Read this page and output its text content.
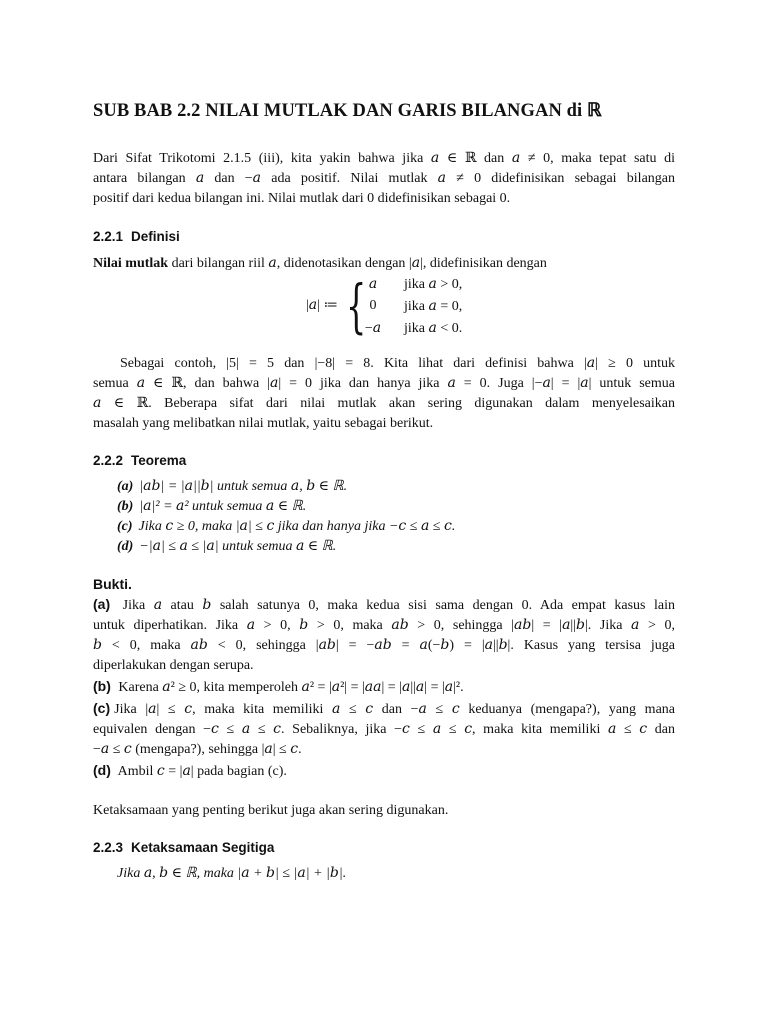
SUB BAB 2.2 NILAI MUTLAK DAN GARIS BILANGAN di ℝ

Dari Sifat Trikotomi 2.1.5 (iii), kita yakin bahwa jika 𝑎 ∈ ℝ dan 𝑎 ≠ 0, maka tepat satu di

antara bilangan 𝑎 dan −𝑎 ada positif. Nilai mutlak 𝑎 ≠ 0 didefinisikan sebagai bilangan

positif dari kedua bilangan ini. Nilai mutlak dari 0 didefinisikan sebagai 0.

2.2.1 Definisi

Nilai mutlak dari bilangan riil 𝑎, didenotasikan dengan |𝑎|, didefinisikan dengan

|𝑎| ≔ { 𝑎	jika 𝑎 > 0,
0	jika 𝑎 = 0,
−𝑎	jika 𝑎 < 0.

Sebagai contoh, |5| = 5 dan |−8| = 8. Kita lihat dari definisi bahwa |𝑎| ≥ 0 untuk

semua 𝑎 ∈ ℝ, dan bahwa |𝑎| = 0 jika dan hanya jika 𝑎 = 0. Juga |−𝑎| = |𝑎| untuk semua

𝑎 ∈ ℝ. Beberapa sifat dari nilai mutlak akan sering digunakan dalam menyelesaikan

masalah yang melibatkan nilai mutlak, yaitu sebagai berikut.

2.2.2 Teorema
(a) |𝑎𝑏| = |𝑎||𝑏| untuk semua 𝑎, 𝑏 ∈ ℝ.
(b) |𝑎|² = 𝑎² untuk semua 𝑎 ∈ ℝ.
(c) Jika 𝑐 ≥ 0, maka |𝑎| ≤ 𝑐 jika dan hanya jika −𝑐 ≤ 𝑎 ≤ 𝑐.
(d) −|𝑎| ≤ 𝑎 ≤ |𝑎| untuk semua 𝑎 ∈ ℝ.
Bukti.

(a) Jika 𝑎 atau 𝑏 salah satunya 0, maka kedua sisi sama dengan 0. Ada empat kasus lain

untuk diperhatikan. Jika 𝑎 > 0, 𝑏 > 0, maka 𝑎𝑏 > 0, sehingga |𝑎𝑏| = |𝑎||𝑏|. Jika 𝑎 > 0,

𝑏 < 0, maka 𝑎𝑏 < 0, sehingga |𝑎𝑏| = −𝑎𝑏 = 𝑎(−𝑏) = |𝑎||𝑏|. Kasus yang tersisa juga

diperlakukan dengan serupa.

(b) Karena 𝑎² ≥ 0, kita memperoleh 𝑎² = |𝑎²| = |𝑎𝑎| = |𝑎||𝑎| = |𝑎|².

(c) Jika |𝑎| ≤ 𝑐, maka kita memiliki 𝑎 ≤ 𝑐 dan −𝑎 ≤ 𝑐 keduanya (mengapa?), yang mana

equivalen dengan −𝑐 ≤ 𝑎 ≤ 𝑐. Sebaliknya, jika −𝑐 ≤ 𝑎 ≤ 𝑐, maka kita memiliki 𝑎 ≤ 𝑐 dan

−𝑎 ≤ 𝑐 (mengapa?), sehingga |𝑎| ≤ 𝑐.

(d) Ambil 𝑐 = |𝑎| pada bagian (c).

Ketaksamaan yang penting berikut juga akan sering digunakan.

2.2.3 Ketaksamaan Segitiga

Jika 𝑎, 𝑏 ∈ ℝ, maka |𝑎 + 𝑏| ≤ |𝑎| + |𝑏|.
